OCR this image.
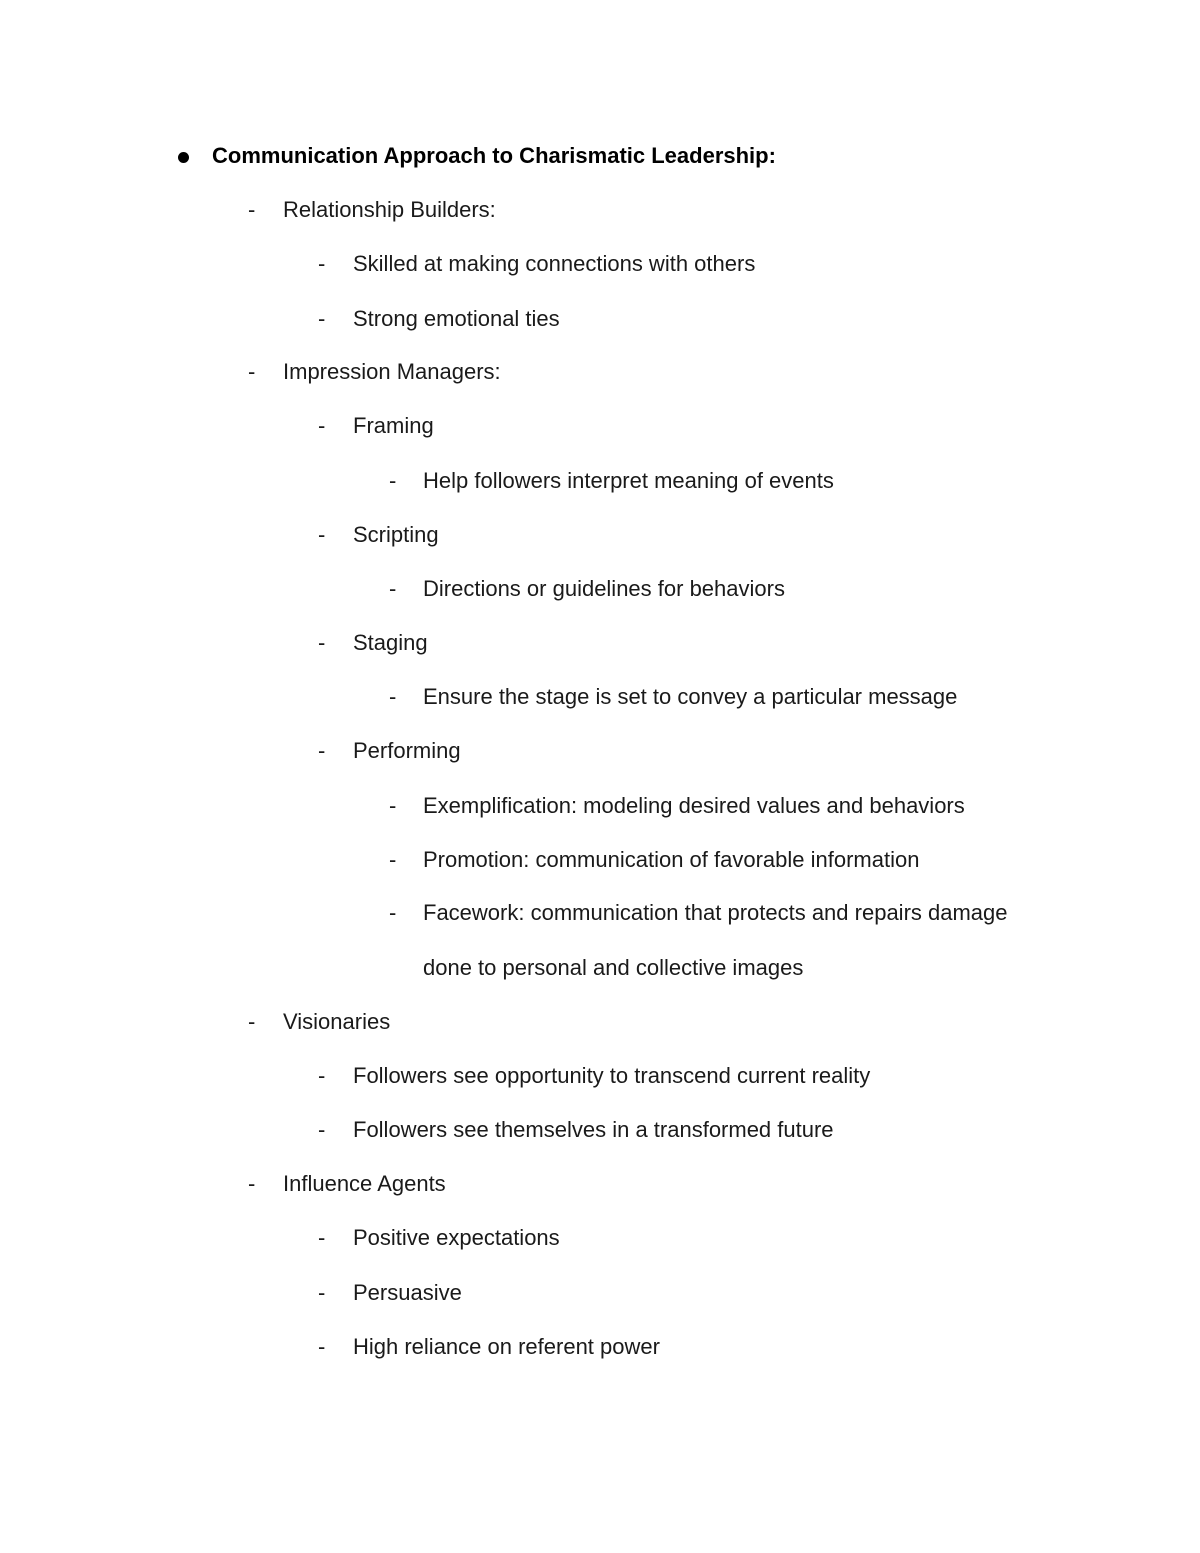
Communication Approach to Charismatic Leadership:
- Relationship Builders:
- Skilled at making connections with others
- Strong emotional ties
- Impression Managers:
- Framing
- Help followers interpret meaning of events
- Scripting
- Directions or guidelines for behaviors
- Staging
- Ensure the stage is set to convey a particular message
- Performing
- Exemplification: modeling desired values and behaviors
- Promotion: communication of favorable information
- Facework: communication that protects and repairs damage
done to personal and collective images
- Visionaries
- Followers see opportunity to transcend current reality
- Followers see themselves in a transformed future
- Influence Agents
- Positive expectations
- Persuasive
- High reliance on referent power
